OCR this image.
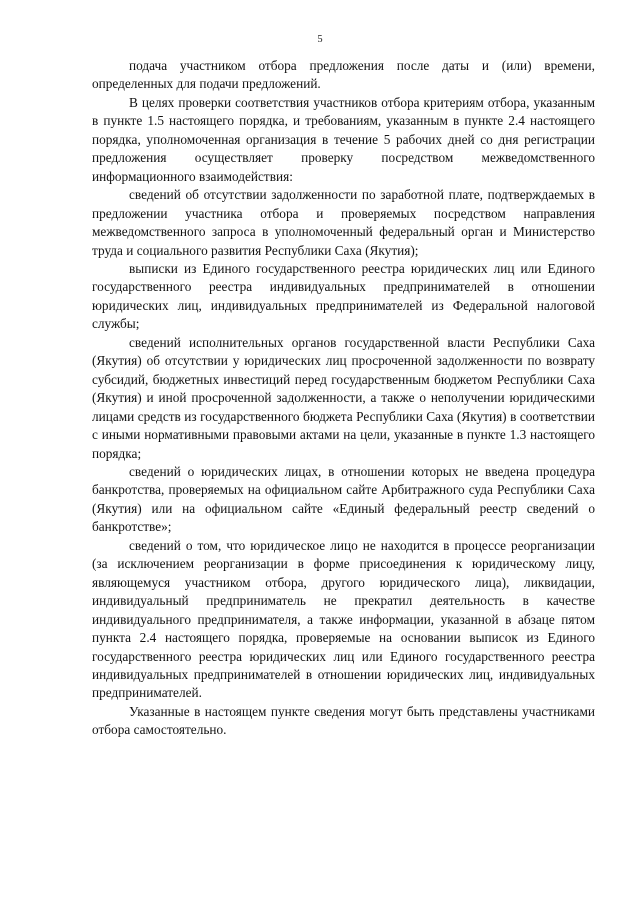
5

подача участником отбора предложения после даты и (или) времени, определенных для подачи предложений.

В целях проверки соответствия участников отбора критериям отбора, указанным в пункте 1.5 настоящего порядка, и требованиям, указанным в пункте 2.4 настоящего порядка, уполномоченная организация в течение 5 рабочих дней со дня регистрации предложения осуществляет проверку посредством межведомственного информационного взаимодействия:

сведений об отсутствии задолженности по заработной плате, подтверждаемых в предложении участника отбора и проверяемых посредством направления межведомственного запроса в уполномоченный федеральный орган и Министерство труда и социального развития Республики Саха (Якутия);

выписки из Единого государственного реестра юридических лиц или Единого государственного реестра индивидуальных предпринимателей в отношении юридических лиц, индивидуальных предпринимателей из Федеральной налоговой службы;

сведений исполнительных органов государственной власти Республики Саха (Якутия) об отсутствии у юридических лиц просроченной задолженности по возврату субсидий, бюджетных инвестиций перед государственным бюджетом Республики Саха (Якутия) и иной просроченной задолженности, а также о неполучении юридическими лицами средств из государственного бюджета Республики Саха (Якутия) в соответствии с иными нормативными правовыми актами на цели, указанные в пункте 1.3 настоящего порядка;

сведений о юридических лицах, в отношении которых не введена процедура банкротства, проверяемых на официальном сайте Арбитражного суда Республики Саха (Якутия) или на официальном сайте «Единый федеральный реестр сведений о банкротстве»;

сведений о том, что юридическое лицо не находится в процессе реорганизации (за исключением реорганизации в форме присоединения к юридическому лицу, являющемуся участником отбора, другого юридического лица), ликвидации, индивидуальный предприниматель не прекратил деятельность в качестве индивидуального предпринимателя, а также информации, указанной в абзаце пятом пункта 2.4 настоящего порядка, проверяемые на основании выписок из Единого государственного реестра юридических лиц или Единого государственного реестра индивидуальных предпринимателей в отношении юридических лиц, индивидуальных предпринимателей.

Указанные в настоящем пункте сведения могут быть представлены участниками отбора самостоятельно.
